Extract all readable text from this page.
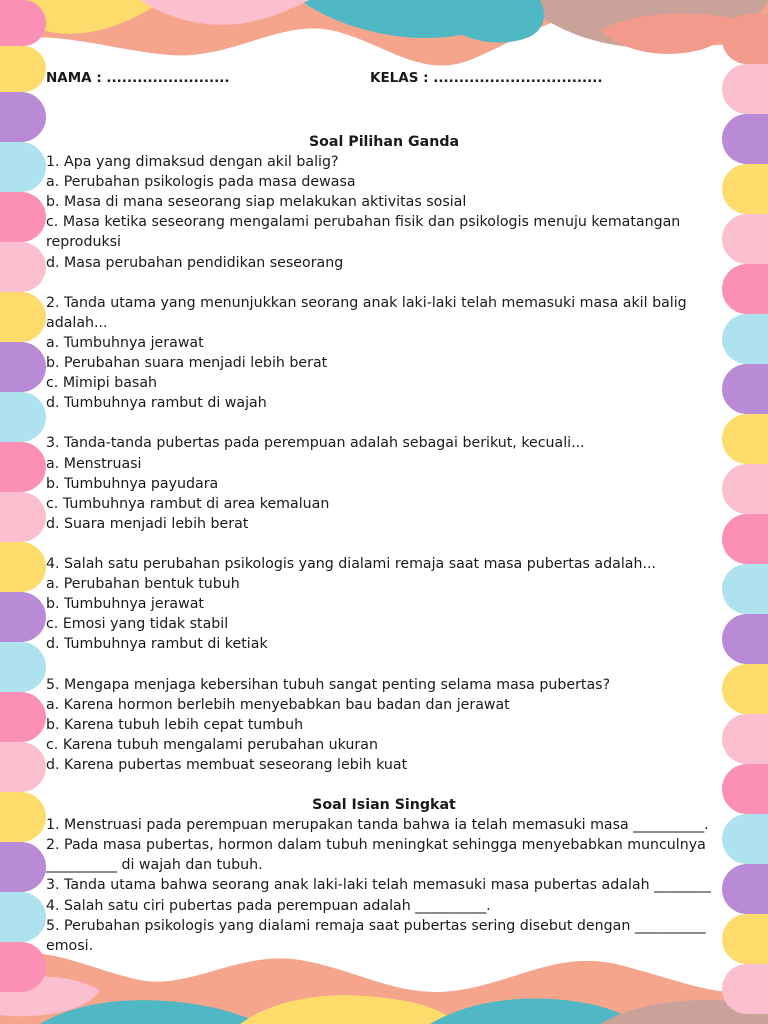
NAMA : ........................	KELAS : .................................

Soal Pilihan Ganda

1. Apa yang dimaksud dengan akil balig?

a. Perubahan psikologis pada masa dewasa

b. Masa di mana seseorang siap melakukan aktivitas sosial

c. Masa ketika seseorang mengalami perubahan fisik dan psikologis menuju kematangan reproduksi

d. Masa perubahan pendidikan seseorang

2. Tanda utama yang menunjukkan seorang anak laki-laki telah memasuki masa akil balig adalah...

a. Tumbuhnya jerawat

b. Perubahan suara menjadi lebih berat

c. Mimipi basah

d. Tumbuhnya rambut di wajah

3. Tanda-tanda pubertas pada perempuan adalah sebagai berikut, kecuali...

a. Menstruasi

b. Tumbuhnya payudara

c. Tumbuhnya rambut di area kemaluan

d. Suara menjadi lebih berat

4. Salah satu perubahan psikologis yang dialami remaja saat masa pubertas adalah...

a. Perubahan bentuk tubuh

b. Tumbuhnya jerawat

c. Emosi yang tidak stabil

d. Tumbuhnya rambut di ketiak

5. Mengapa menjaga kebersihan tubuh sangat penting selama masa pubertas?

a. Karena hormon berlebih menyebabkan bau badan dan jerawat

b. Karena tubuh lebih cepat tumbuh

c. Karena tubuh mengalami perubahan ukuran

d. Karena pubertas membuat seseorang lebih kuat

Soal Isian Singkat

1. Menstruasi pada perempuan merupakan tanda bahwa ia telah memasuki masa __________.

2. Pada masa pubertas, hormon dalam tubuh meningkat sehingga menyebabkan munculnya __________ di wajah dan tubuh.

3. Tanda utama bahwa seorang anak laki-laki telah memasuki masa pubertas adalah ________

4. Salah satu ciri pubertas pada perempuan adalah __________.

5. Perubahan psikologis yang dialami remaja saat pubertas sering disebut dengan __________ emosi.
